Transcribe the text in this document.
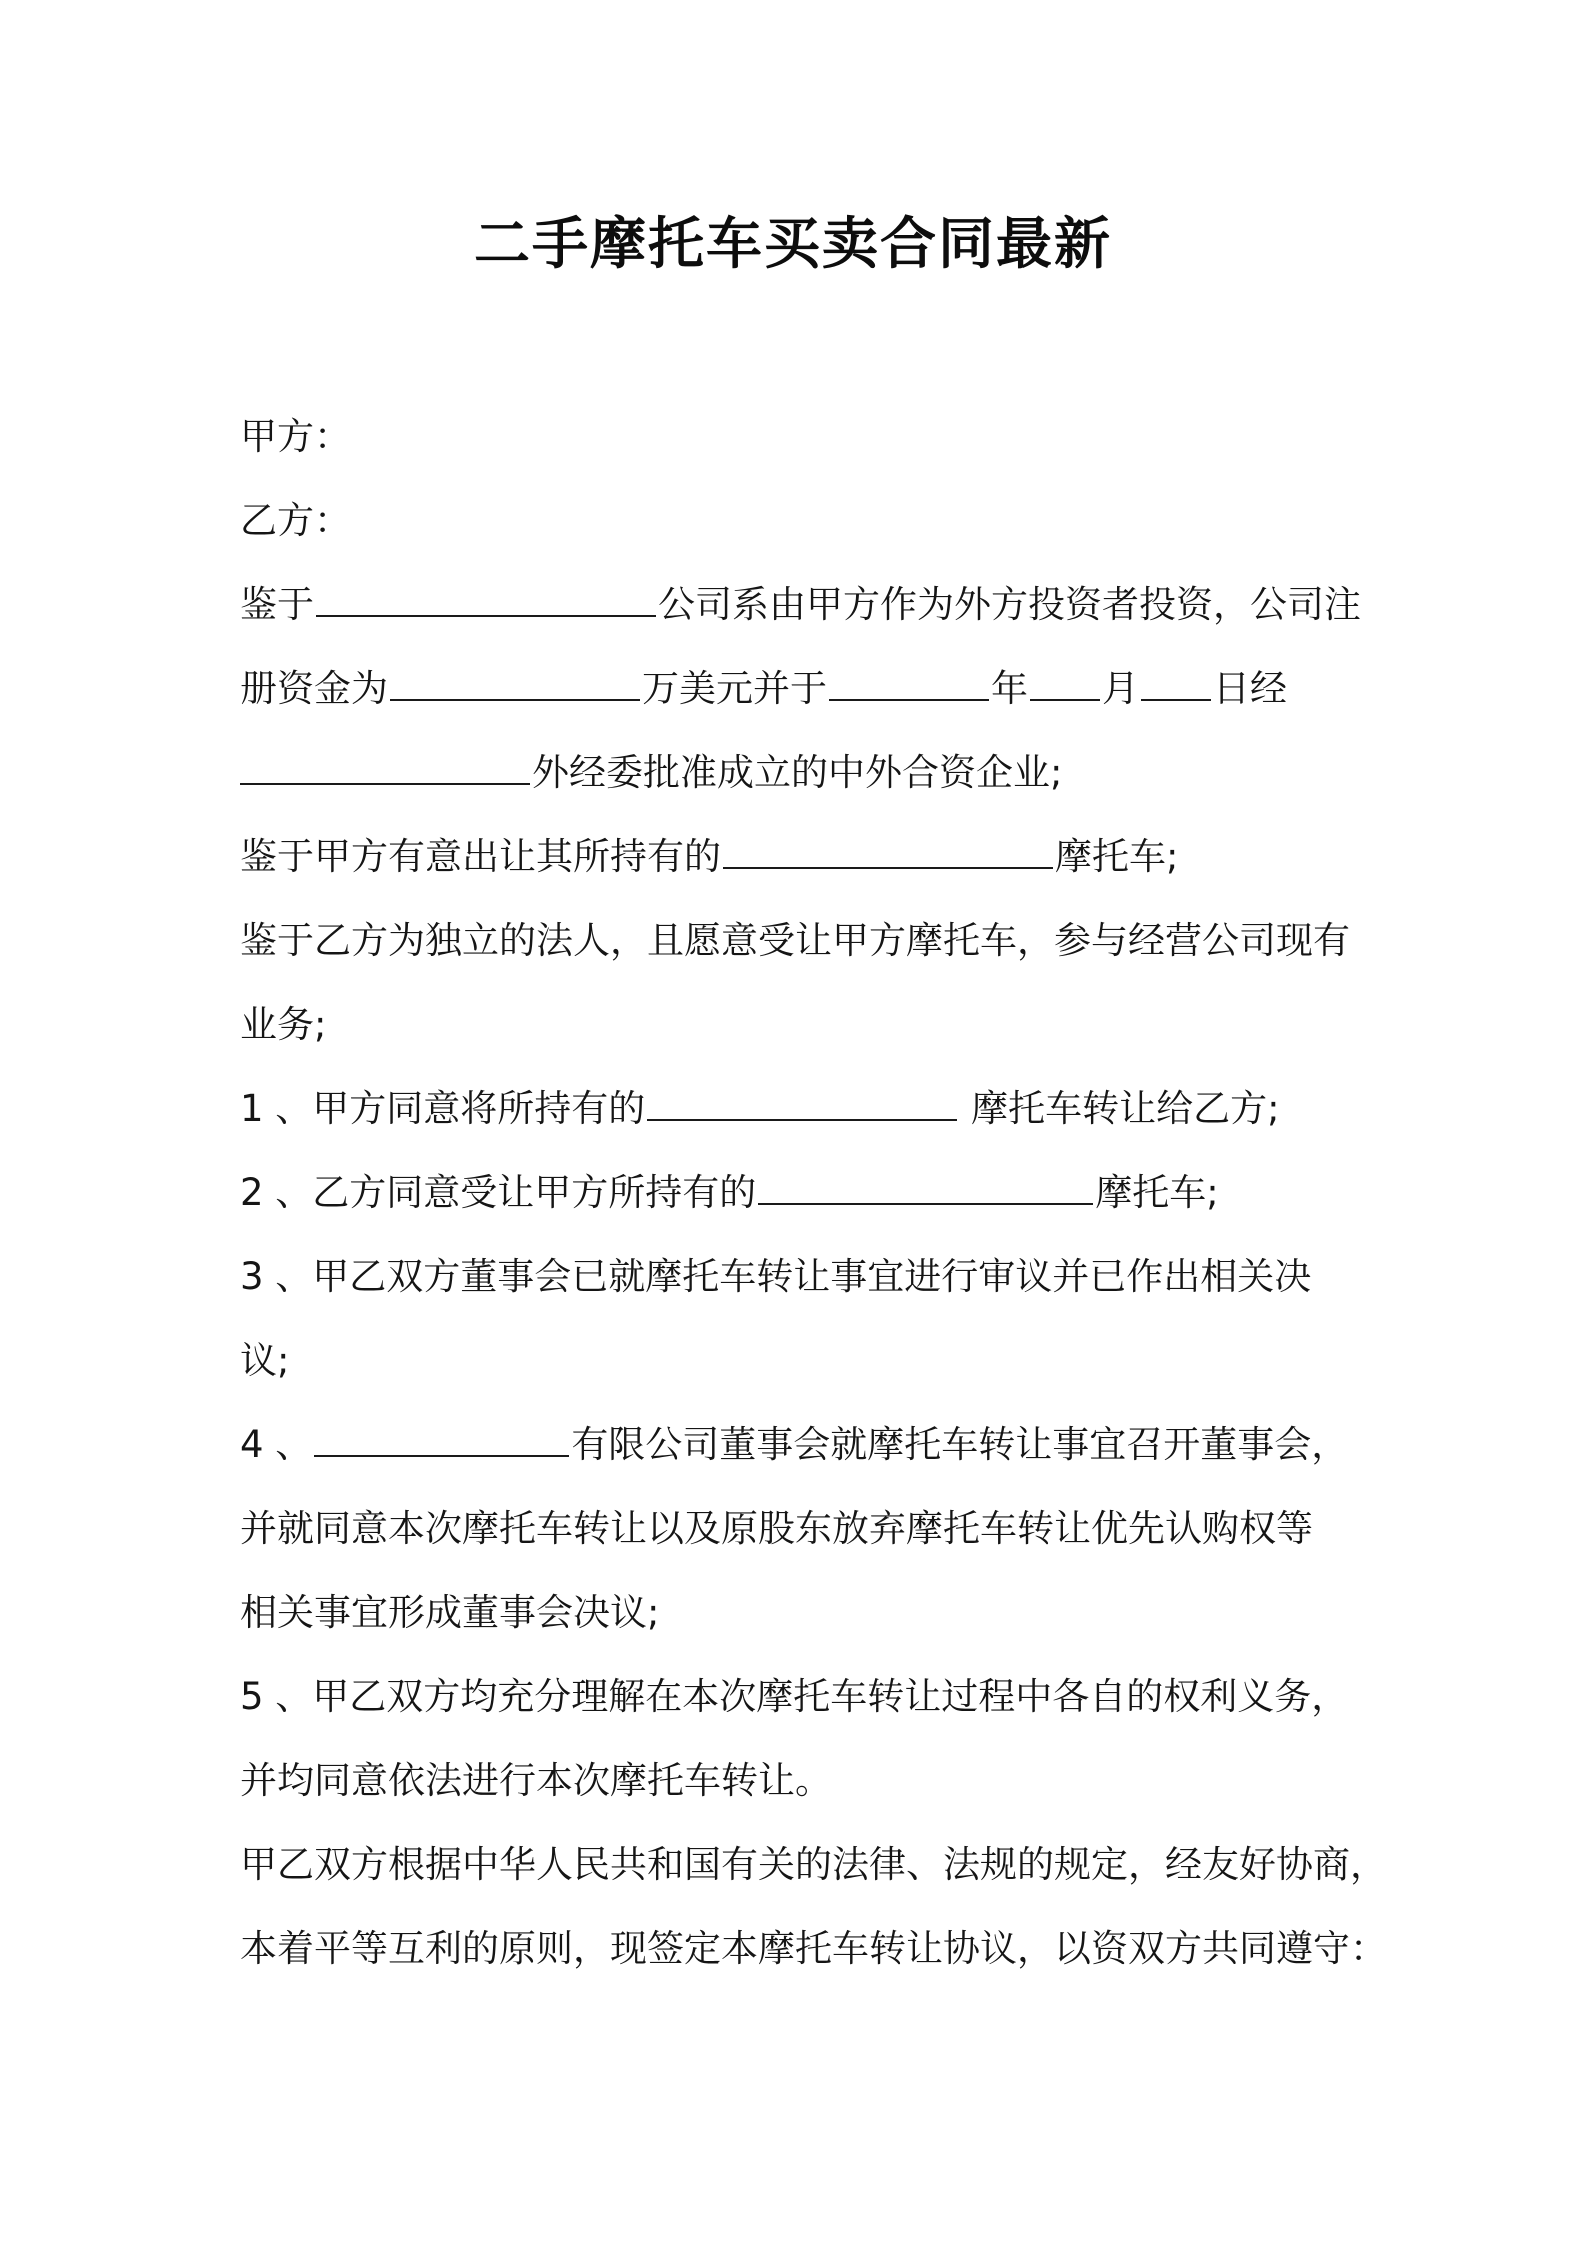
二手摩托车买卖合同最新
甲方：
乙方：
鉴于	公司系由甲方作为外方投资者投资，公司注
册资金为	万美元并于	年 月 日经
外经委批准成立的中外合资企业;
鉴于甲方有意出让其所持有的	摩托车;
鉴于乙方为独立的法人，且愿意受让甲方摩托车，参与经营公司现有
业务;
1 、甲方同意将所持有的	摩托车转让给乙方;
2 、乙方同意受让甲方所持有的	摩托车;
3 、甲乙双方董事会已就摩托车转让事宜进行审议并已作出相关决
议;
4 、	有限公司董事会就摩托车转让事宜召开董事会，
并就同意本次摩托车转让以及原股东放弃摩托车转让优先认购权等
相关事宜形成董事会决议;
5 、甲乙双方均充分理解在本次摩托车转让过程中各自的权利义务，
并均同意依法进行本次摩托车转让。
甲乙双方根据中华人民共和国有关的法律、法规的规定，经友好协商，
本着平等互利的原则，现签定本摩托车转让协议，以资双方共同遵守：
